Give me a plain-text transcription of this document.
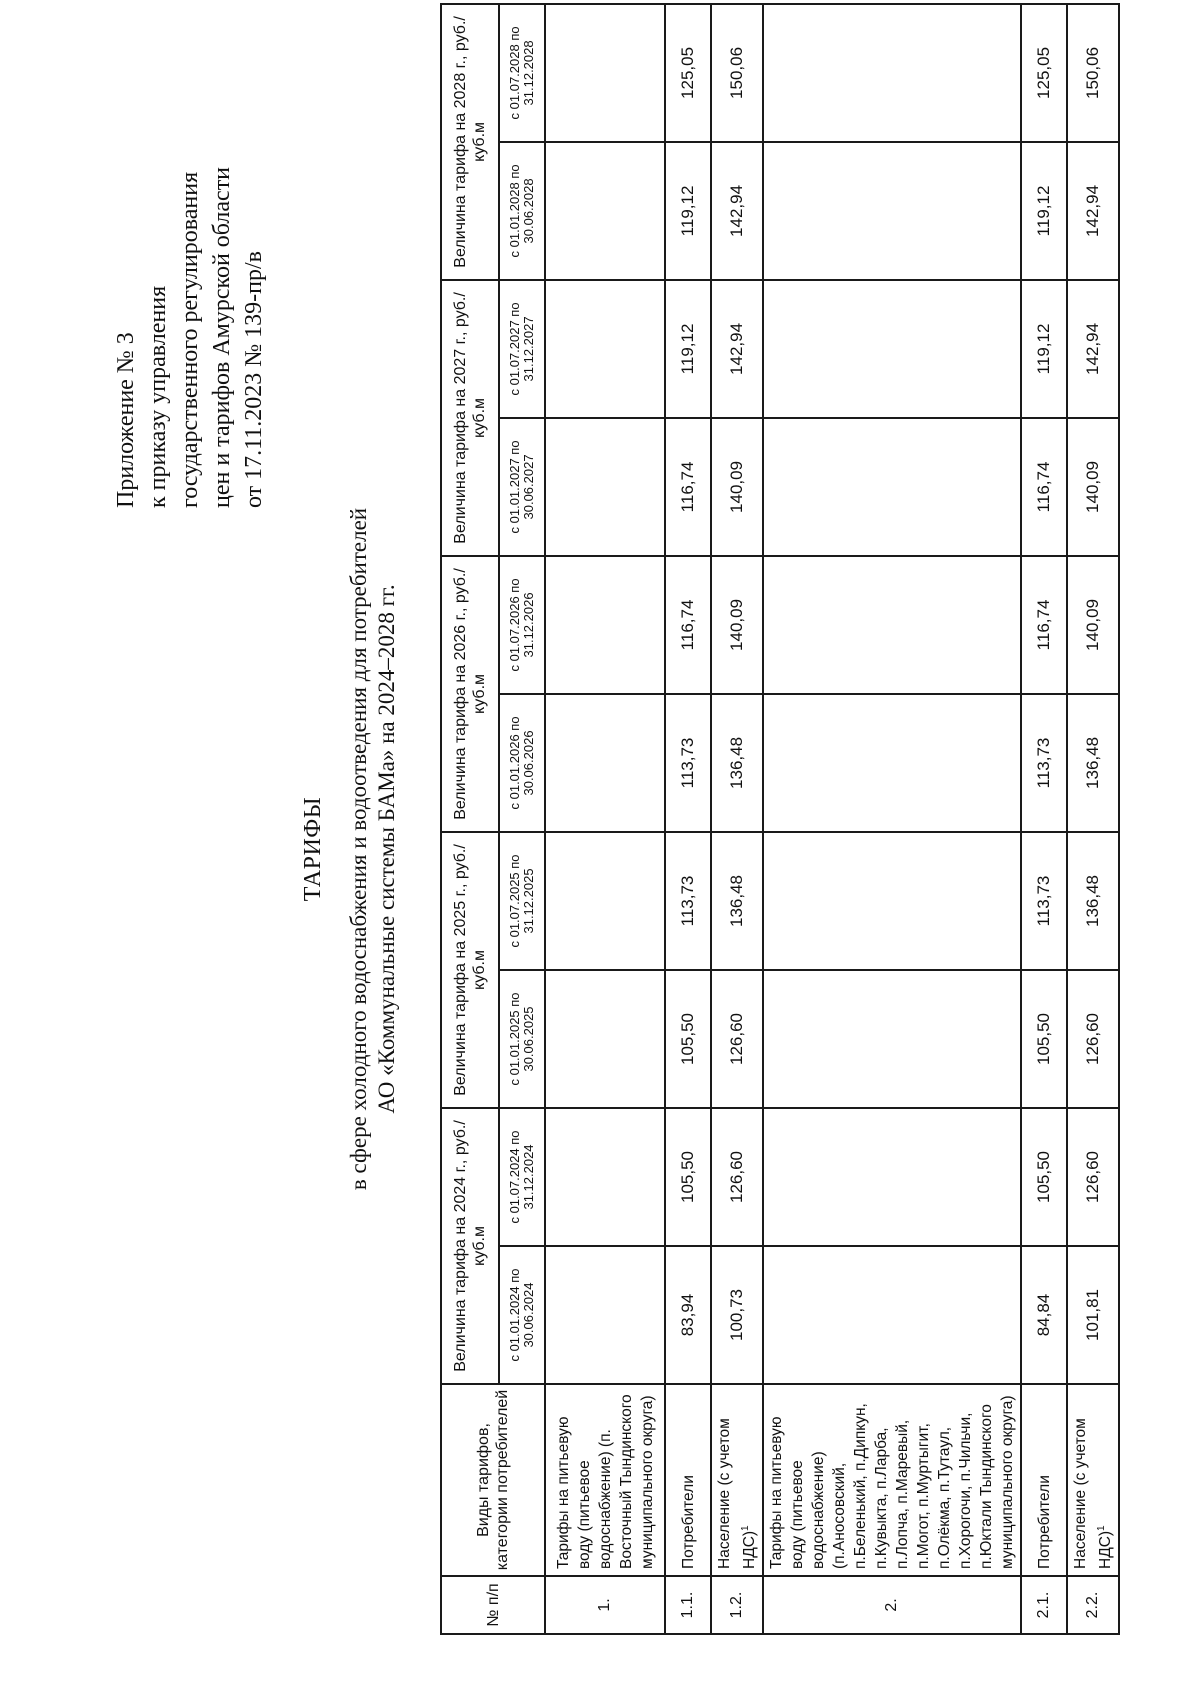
Приложение № 3 к приказу управления государственного регулирования цен и тарифов Амурской области от 17.11.2023 № 139-пр/в
ТАРИФЫ в сфере холодного водоснабжения и водоотведения для потребителей АО «Коммунальные системы БАМа» на 2024–2028 гг.
№ п/п	Виды тарифов, категории потребителей	Величина тарифа на 2024 г., руб./куб.м		Величина тарифа на 2025 г., руб./куб.м		Величина тарифа на 2026 г., руб./куб.м		Величина тарифа на 2027 г., руб./куб.м		Величина тарифа на 2028 г., руб./куб.м	
		с 01.01.2024 по 30.06.2024	с 01.07.2024 по 31.12.2024	с 01.01.2025 по 30.06.2025	с 01.07.2025 по 31.12.2025	с 01.01.2026 по 30.06.2026	с 01.07.2026 по 31.12.2026	с 01.01.2027 по 30.06.2027	с 01.07.2027 по 31.12.2027	с 01.01.2028 по 30.06.2028	с 01.07.2028 по 31.12.2028
1.	Тарифы на питьевую воду (питьевое водоснабжение) (п. Восточный Тындинского муниципального округа)										
1.1.	Потребители	83,94	105,50	105,50	113,73	113,73	116,74	116,74	119,12	119,12	125,05
1.2.	Население (с учетом НДС)$^1$	100,73	126,60	126,60	136,48	136,48	140,09	140,09	142,94	142,94	150,06
2.	Тарифы на питьевую воду (питьевое водоснабжение) (п.Аносовский, п.Беленький, п.Дипкун, п.Кувыкта, п.Ларба, п.Лопча, п.Маревый, п.Могот, п.Муртыгит, п.Олёкма, п.Тутаул, п.Хорогочи, п.Чильчи, п.Юктали Тындинского муниципального округа)										
2.1.	Потребители	84,84	105,50	105,50	113,73	113,73	116,74	116,74	119,12	119,12	125,05
2.2.	Население (с учетом НДС)$^1$	101,81	126,60	126,60	136,48	136,48	140,09	140,09	142,94	142,94	150,06
